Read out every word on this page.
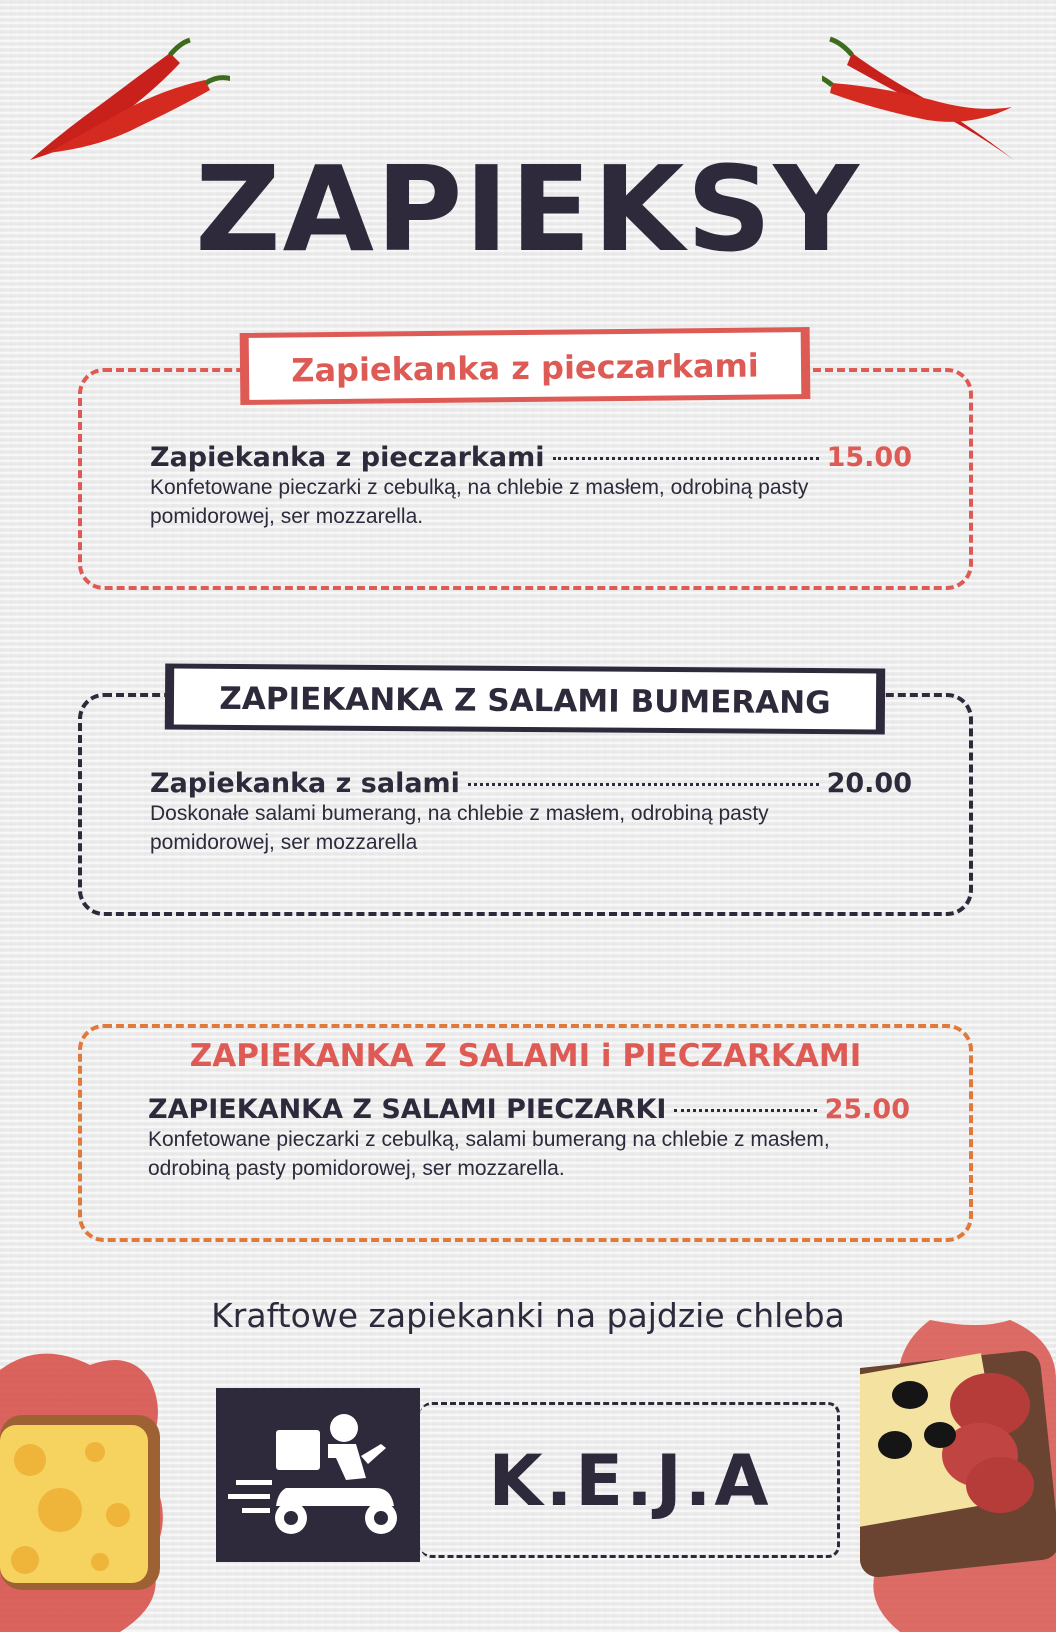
ZAPIEKSY
Zapiekanka z pieczarkami
Zapiekanka z pieczarkami	15.00
Konfetowane pieczarki z cebulką, na chlebie z masłem, odrobiną pasty pomidorowej, ser mozzarella.
ZAPIEKANKA Z SALAMI BUMERANG
Zapiekanka z salami	20.00
Doskonałe salami bumerang, na chlebie z masłem, odrobiną pasty pomidorowej, ser mozzarella
ZAPIEKANKA Z SALAMI i PIECZARKAMI
ZAPIEKANKA Z SALAMI PIECZARKI	25.00
Konfetowane pieczarki z cebulką, salami bumerang na chlebie z masłem, odrobiną pasty pomidorowej, ser mozzarella.
Kraftowe zapiekanki na pajdzie chleba
K.E.J.A
